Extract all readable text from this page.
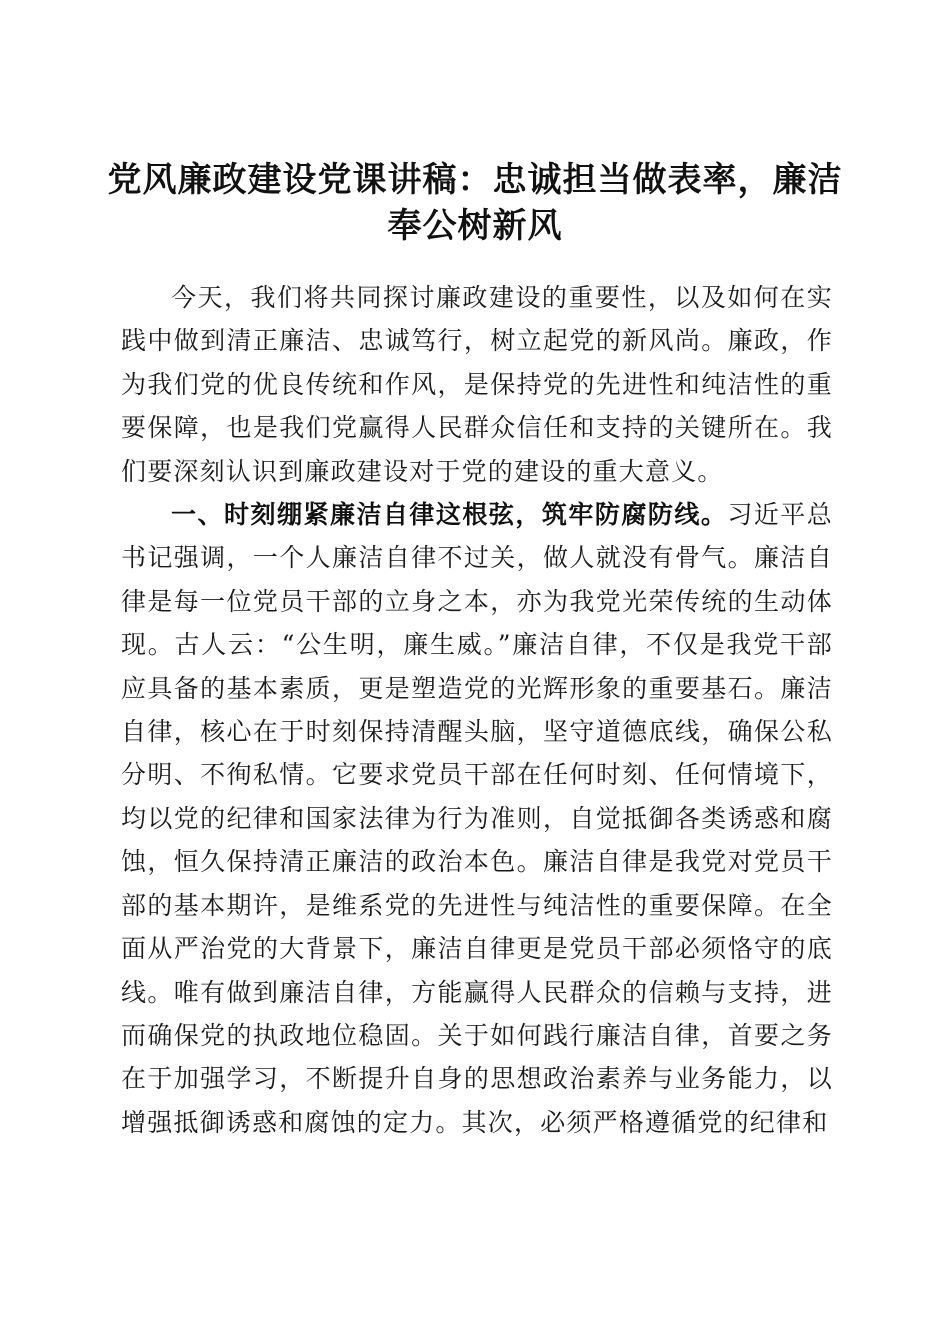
党风廉政建设党课讲稿：忠诚担当做表率，廉洁奉公树新风

今天，我们将共同探讨廉政建设的重要性，以及如何在实践中做到清正廉洁、忠诚笃行，树立起党的新风尚。廉政，作为我们党的优良传统和作风，是保持党的先进性和纯洁性的重要保障，也是我们党赢得人民群众信任和支持的关键所在。我们要深刻认识到廉政建设对于党的建设的重大意义。

一、时刻绷紧廉洁自律这根弦，筑牢防腐防线。习近平总书记强调，一个人廉洁自律不过关，做人就没有骨气。廉洁自律是每一位党员干部的立身之本，亦为我党光荣传统的生动体现。古人云：“公生明，廉生威。”廉洁自律，不仅是我党干部应具备的基本素质，更是塑造党的光辉形象的重要基石。廉洁自律，核心在于时刻保持清醒头脑，坚守道德底线，确保公私分明、不徇私情。它要求党员干部在任何时刻、任何情境下，均以党的纪律和国家法律为行为准则，自觉抵御各类诱惑和腐蚀，恒久保持清正廉洁的政治本色。廉洁自律是我党对党员干部的基本期许，是维系党的先进性与纯洁性的重要保障。在全面从严治党的大背景下，廉洁自律更是党员干部必须恪守的底线。唯有做到廉洁自律，方能赢得人民群众的信赖与支持，进而确保党的执政地位稳固。关于如何践行廉洁自律，首要之务在于加强学习，不断提升自身的思想政治素养与业务能力，以增强抵御诱惑和腐蚀的定力。其次，必须严格遵循党的纪律和
